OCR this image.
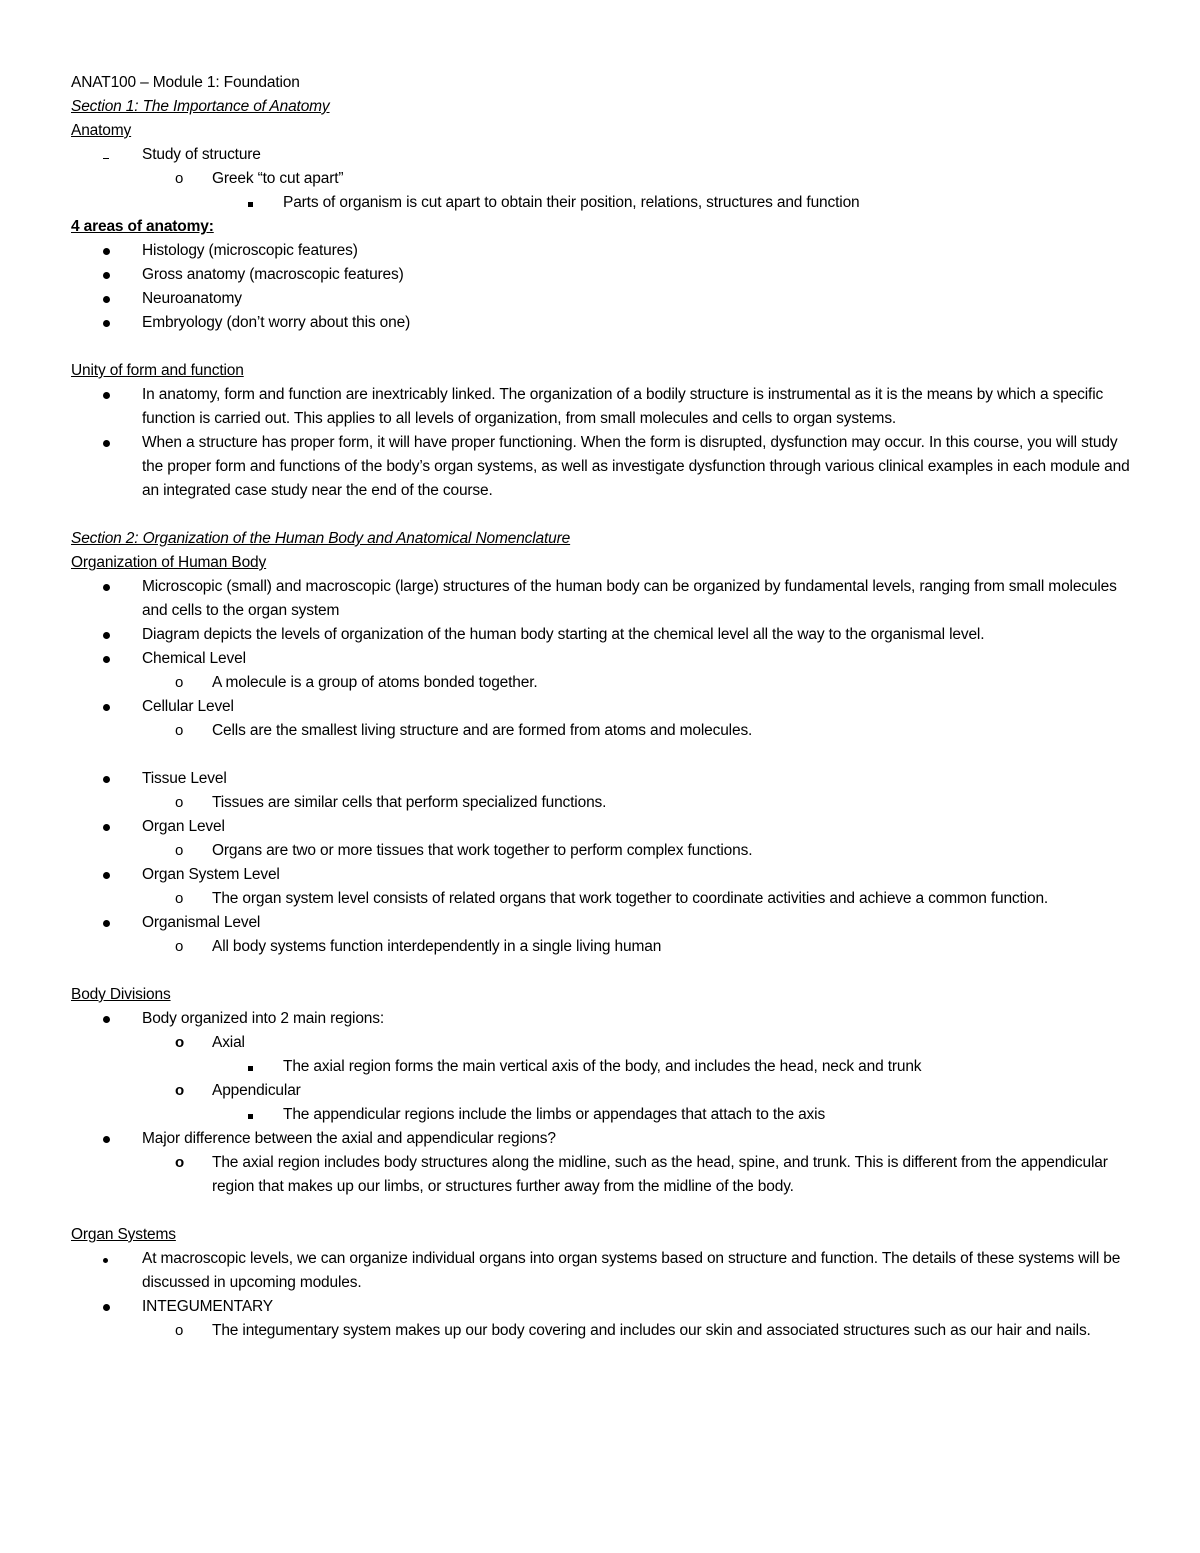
ANAT100 – Module 1: Foundation
Section 1: The Importance of Anatomy
Anatomy
Study of structure
o	Greek “to cut apart”
Parts of organism is cut apart to obtain their position, relations, structures and function
4 areas of anatomy:
Histology (microscopic features)
Gross anatomy (macroscopic features)
Neuroanatomy
Embryology (don’t worry about this one)
Unity of form and function
In anatomy, form and function are inextricably linked. The organization of a bodily structure is instrumental as it is the means by which a specific function is carried out. This applies to all levels of organization, from small molecules and cells to organ systems.
When a structure has proper form, it will have proper functioning. When the form is disrupted, dysfunction may occur. In this course, you will study the proper form and functions of the body’s organ systems, as well as investigate dysfunction through various clinical examples in each module and an integrated case study near the end of the course.
Section 2: Organization of the Human Body and Anatomical Nomenclature
Organization of Human Body
Microscopic (small) and macroscopic (large) structures of the human body can be organized by fundamental levels, ranging from small molecules and cells to the organ system
Diagram depicts the levels of organization of the human body starting at the chemical level all the way to the organismal level.
Chemical Level
o	A molecule is a group of atoms bonded together.
Cellular Level
o	Cells are the smallest living structure and are formed from atoms and molecules.
Tissue Level
o	Tissues are similar cells that perform specialized functions.
Organ Level
o	Organs are two or more tissues that work together to perform complex functions.
Organ System Level
o	The organ system level consists of related organs that work together to coordinate activities and achieve a common function.
Organismal Level
o	All body systems function interdependently in a single living human
Body Divisions
Body organized into 2 main regions:
o	Axial
The axial region forms the main vertical axis of the body, and includes the head, neck and trunk
o	Appendicular
The appendicular regions include the limbs or appendages that attach to the axis
Major difference between the axial and appendicular regions?
o	The axial region includes body structures along the midline, such as the head, spine, and trunk. This is different from the appendicular region that makes up our limbs, or structures further away from the midline of the body.
Organ Systems
At macroscopic levels, we can organize individual organs into organ systems based on structure and function. The details of these systems will be discussed in upcoming modules.
INTEGUMENTARY
o	The integumentary system makes up our body covering and includes our skin and associated structures such as our hair and nails.
